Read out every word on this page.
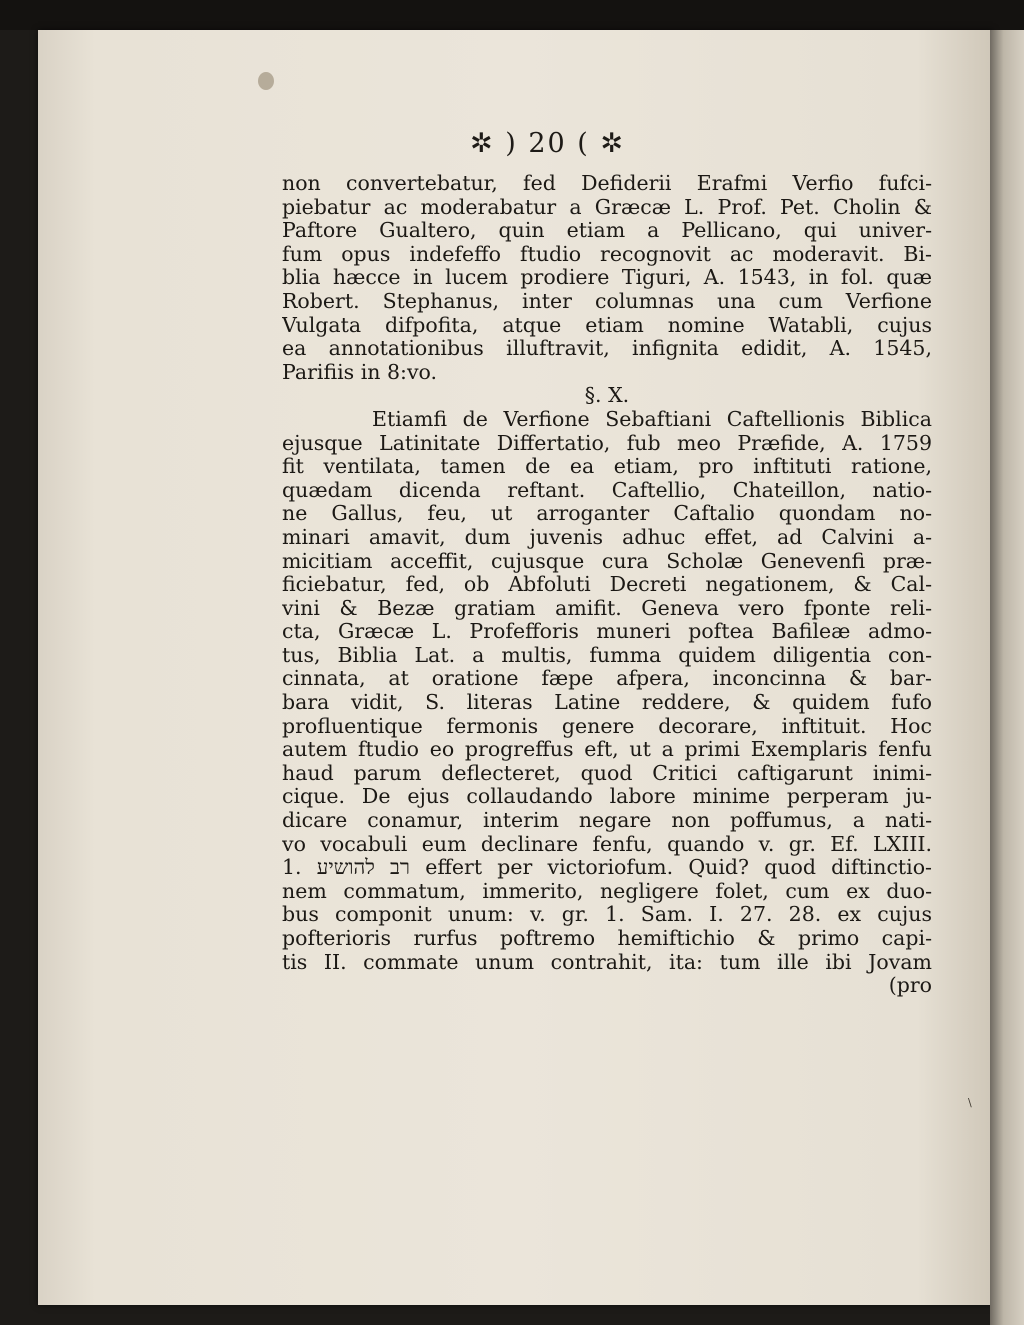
✲ ) 20 ( ✲
non convertebatur, fed Defiderii Erafmi Verfio fufci-
piebatur ac moderabatur a Græcæ L. Prof. Pet. Cholin &
Paftore Gualtero, quin etiam a Pellicano, qui univer-
fum opus indefeffo ftudio recognovit ac moderavit. Bi-
blia hæcce in lucem prodiere Tiguri, A. 1543, in fol. quæ
Robert. Stephanus, inter columnas una cum Verfione
Vulgata difpofita, atque etiam nomine Watabli, cujus
ea annotationibus illuftravit, infignita edidit, A. 1545,
Parifiis in 8:vo.
§. X.
Etiamfi de Verfione Sebaftiani Caftellionis Biblica
ejusque Latinitate Differtatio, fub meo Præfide, A. 1759
fit ventilata, tamen de ea etiam, pro inftituti ratione,
quædam dicenda reftant. Caftellio, Chateillon, natio-
ne Gallus, feu, ut arroganter Caftalio quondam no-
minari amavit, dum juvenis adhuc effet, ad Calvini a-
micitiam acceffit, cujusque cura Scholæ Genevenfi præ-
ficiebatur, fed, ob Abfoluti Decreti negationem, & Cal-
vini & Bezæ gratiam amifit. Geneva vero fponte reli-
cta, Græcæ L. Profefforis muneri poftea Bafileæ admo-
tus, Biblia Lat. a multis, fumma quidem diligentia con-
cinnata, at oratione fæpe afpera, inconcinna & bar-
bara vidit, S. literas Latine reddere, & quidem fufo
profluentique fermonis genere decorare, inftituit. Hoc
autem ftudio eo progreffus eft, ut a primi Exemplaris fenfu
haud parum deflecteret, quod Critici caftigarunt inimi-
cique. De ejus collaudando labore minime perperam ju-
dicare conamur, interim negare non poffumus, a nati-
vo vocabuli eum declinare fenfu, quando v. gr. Ef. LXIII.
1. רב להושיע effert per victoriofum. Quid? quod diftinctio-
nem commatum, immerito, negligere folet, cum ex duo-
bus componit unum: v. gr. 1. Sam. I. 27. 28. ex cujus
pofterioris rurfus poftremo hemiftichio & primo capi-
tis II. commate unum contrahit, ita: tum ille ibi Jovam
(pro
\
